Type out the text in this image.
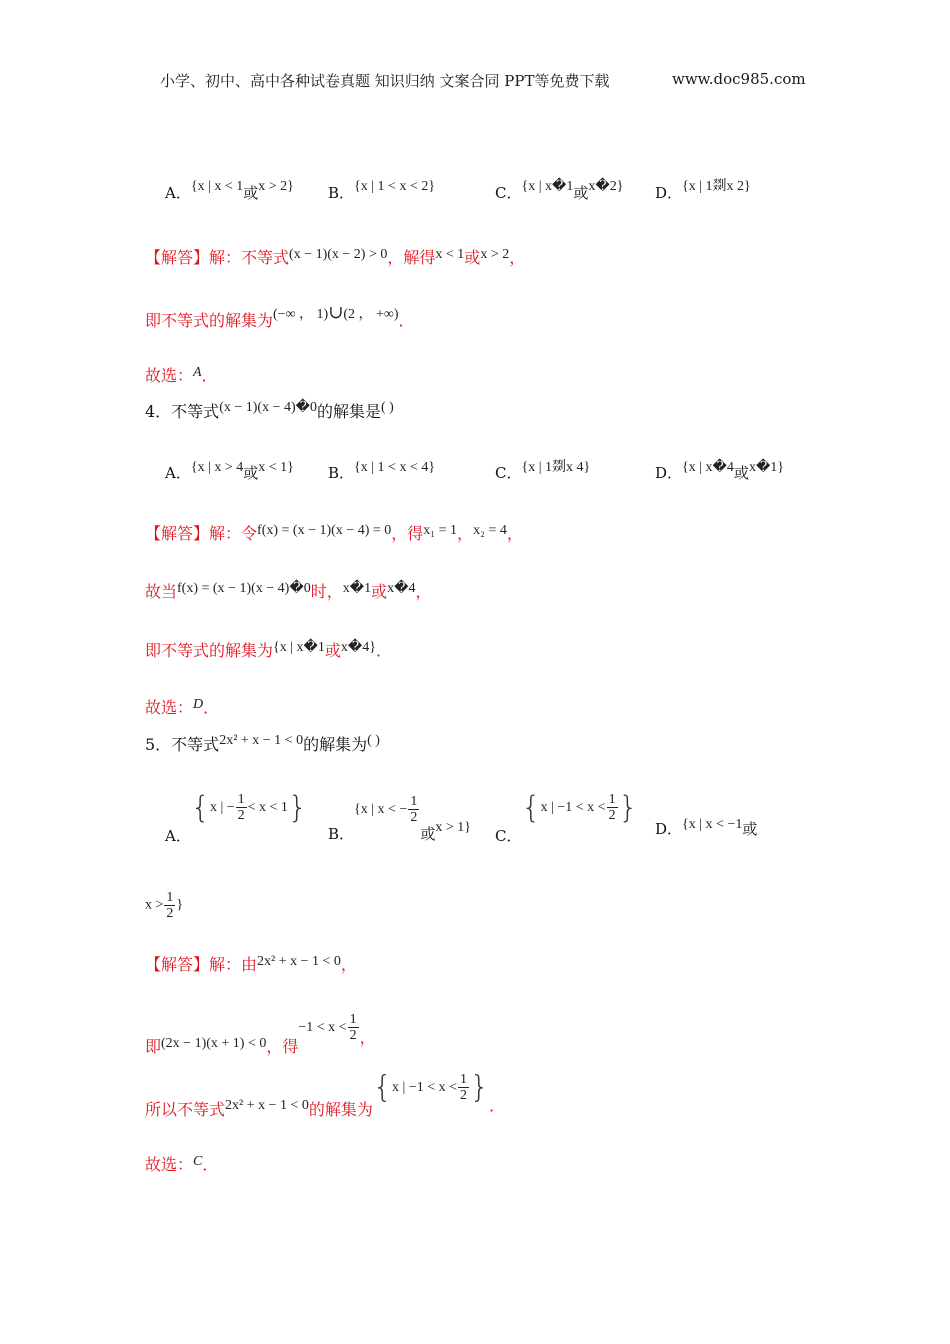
小学、初中、高中各种试卷真题 知识归纳 文案合同 PPT等免费下载	www.doc985.com
A．{x | x < 1或x > 2} B．{x | 1 < x < 2}	C．{x | x�1或x�2} D．{x | 1剟x 2}
【解答】解：不等式(x − 1)(x − 2) > 0，解得x < 1或x > 2，
即不等式的解集为(−∞ ， 1)∪(2 ， +∞)．
故选：A．
4．不等式(x − 1)(x − 4)�0的解集是( )
A．{x | x > 4或x < 1} B．{x | 1 < x < 4}	C．{x | 1剟x 4}	D．{x | x�4或x�1}
【解答】解：令f(x) = (x − 1)(x − 4) = 0，得x₁ = 1，x₂ = 4，
故当f(x) = (x − 1)(x − 4)�0时，x�1或x�4，
即不等式的解集为{x | x�1或x�4}．
故选：D．
5．不等式2x² + x − 1 < 0的解集为( )
A．{x | − $\frac{1}{2} < x < 1$}
B．{x | x < − $\frac{1}{2}$
或x > 1} C．{x | $-1 < x < \frac{1}{2}$ }
D．{x | x < −1或
$x > \frac{1}{2}$ }
【解答】解：由2x² + x − 1 < 0，
即(2x − 1)(x + 1) < 0，得$-1 < x < \frac{1}{2}$ ，
所以不等式2x² + x − 1 < 0的解集为{x | $-1 < x < \frac{1}{2}$ }．
故选：C．
